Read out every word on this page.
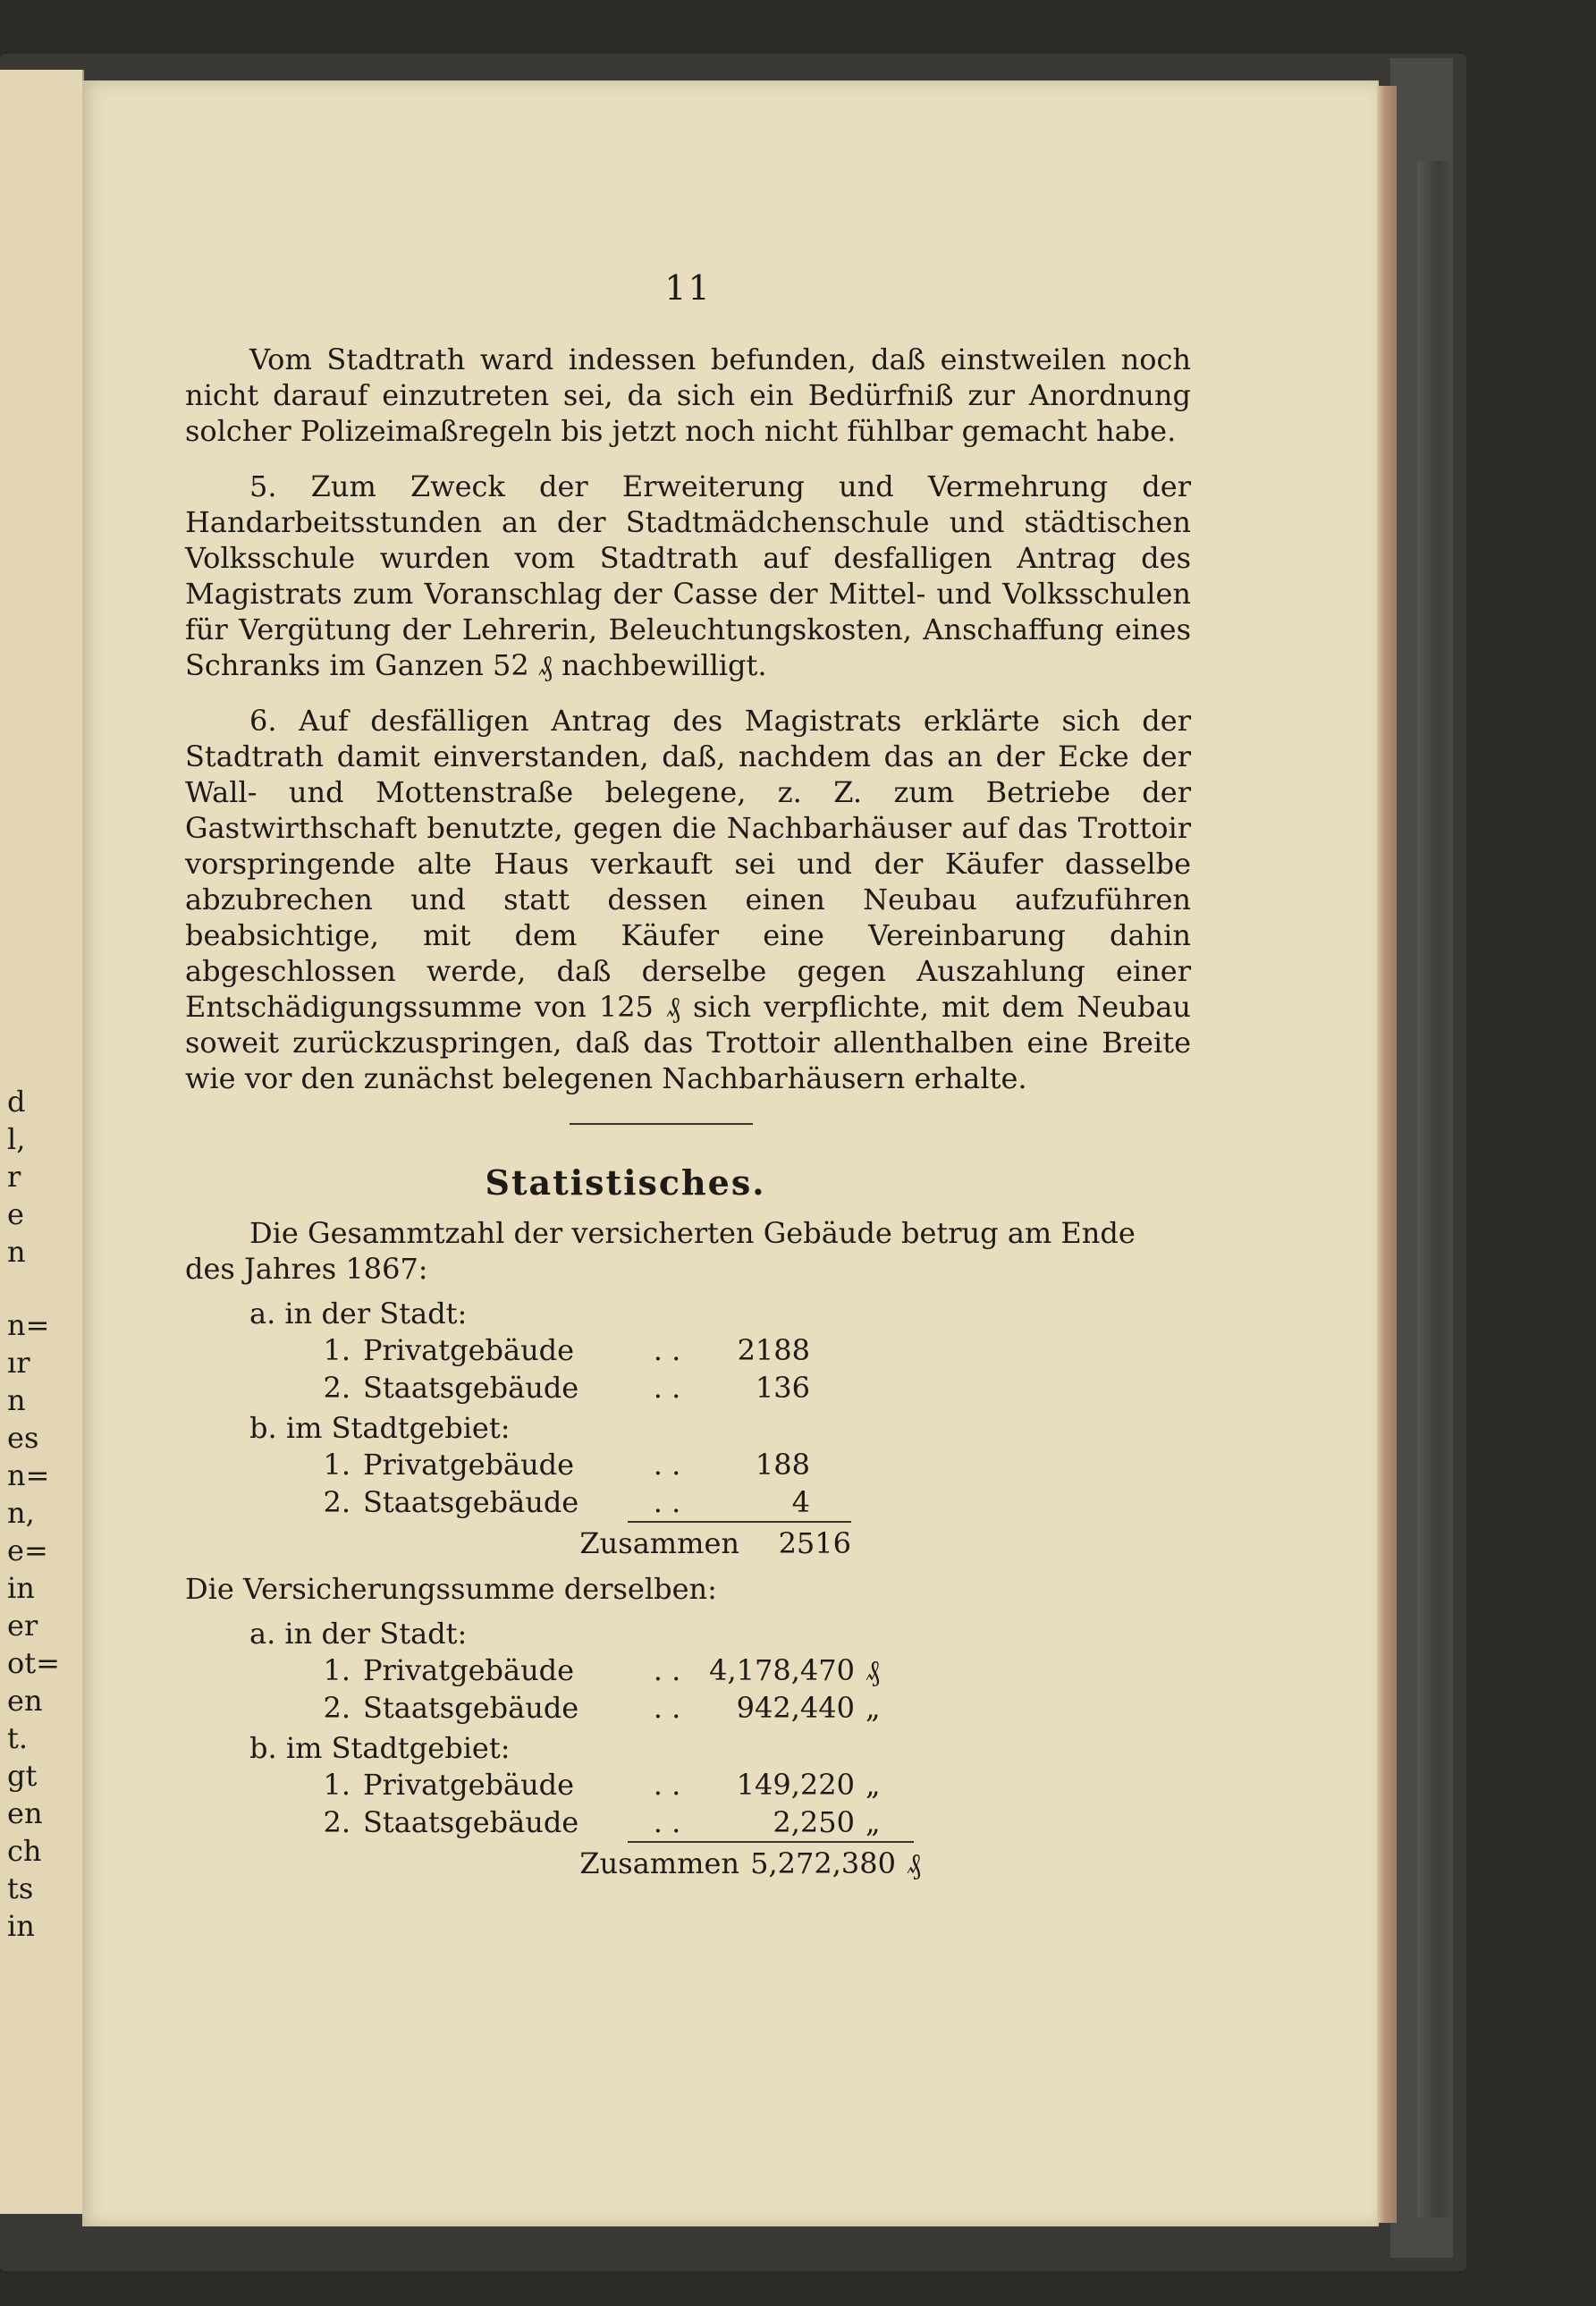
d
l,
r
e
n
n=
ır
n
es
n=
n,
e=
in
er
ot=
en
t.
gt
en
ch
ts
in
11

Vom Stadtrath ward indessen befunden, daß einstweilen noch nicht darauf einzutreten sei, da sich ein Bedürfniß zur Anordnung solcher Polizeimaßregeln bis jetzt noch nicht fühlbar gemacht habe.

5. Zum Zweck der Erweiterung und Vermehrung der Handarbeitsstunden an der Stadtmädchenschule und städtischen Volksschule wurden vom Stadtrath auf desfalligen Antrag des Magistrats zum Voranschlag der Casse der Mittel- und Volksschulen für Vergütung der Lehrerin, Beleuchtungskosten, Anschaffung eines Schranks im Ganzen 52 ₰ nachbewilligt.

6. Auf desfälligen Antrag des Magistrats erklärte sich der Stadtrath damit einverstanden, daß, nachdem das an der Ecke der Wall- und Mottenstraße belegene, z. Z. zum Betriebe der Gastwirthschaft benutzte, gegen die Nachbarhäuser auf das Trottoir vorspringende alte Haus verkauft sei und der Käufer dasselbe abzubrechen und statt dessen einen Neubau aufzuführen beabsichtige, mit dem Käufer eine Vereinbarung dahin abgeschlossen werde, daß derselbe gegen Auszahlung einer Entschädigungssumme von 125 ₰ sich verpflichte, mit dem Neubau soweit zurückzuspringen, daß das Trottoir allenthalben eine Breite wie vor den zunächst belegenen Nachbarhäusern erhalte.

Statistisches.

Die Gesammtzahl der versicherten Gebäude betrug am Ende des Jahres 1867:

a. in der Stadt:
1. Privatgebäude	. .	2188
2. Staatsgebäude	. .	136
b. im Stadtgebiet:
1. Privatgebäude	. .	188
2. Staatsgebäude	. .	4
Zusammen	2516

Die Versicherungssumme derselben:

a. in der Stadt:
1. Privatgebäude	. . 4,178,470 ₰
2. Staatsgebäude	. .	942,440 „
b. im Stadtgebiet:
1. Privatgebäude	. .	149,220 „
2. Staatsgebäude	. .	2,250 „
Zusammen 5,272,380 ₰
